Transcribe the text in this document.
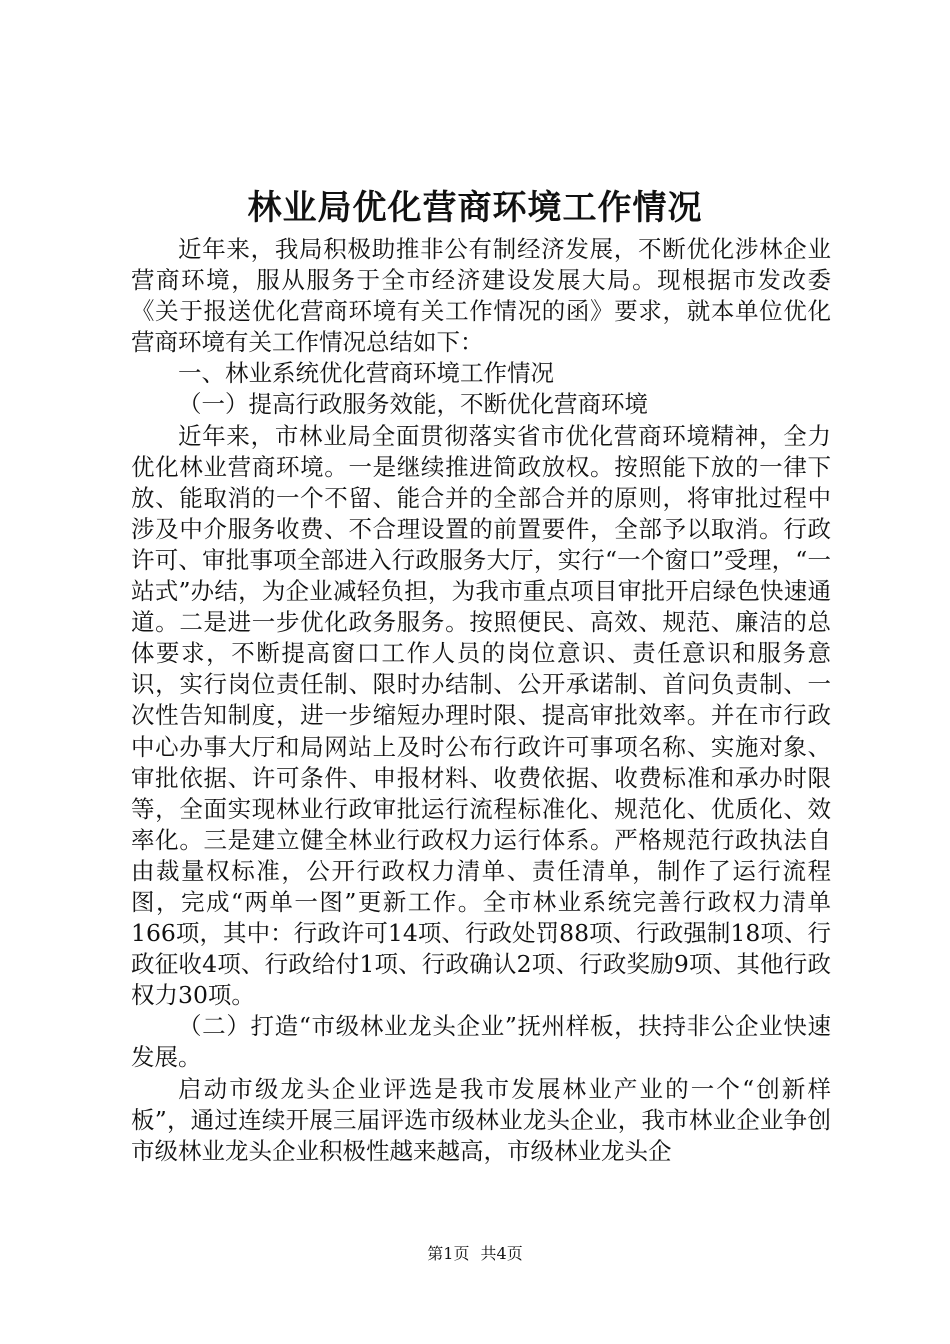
林业局优化营商环境工作情况

近年来，我局积极助推非公有制经济发展，不断优化涉林企业营商环境，服从服务于全市经济建设发展大局。现根据市发改委《关于报送优化营商环境有关工作情况的函》要求，就本单位优化营商环境有关工作情况总结如下：

一、林业系统优化营商环境工作情况

（一）提高行政服务效能，不断优化营商环境

近年来，市林业局全面贯彻落实省市优化营商环境精神，全力优化林业营商环境。一是继续推进简政放权。按照能下放的一律下放、能取消的一个不留、能合并的全部合并的原则，将审批过程中涉及中介服务收费、不合理设置的前置要件，全部予以取消。行政许可、审批事项全部进入行政服务大厅，实行“一个窗口”受理，“一站式”办结，为企业减轻负担，为我市重点项目审批开启绿色快速通道。二是进一步优化政务服务。按照便民、高效、规范、廉洁的总体要求，不断提高窗口工作人员的岗位意识、责任意识和服务意识，实行岗位责任制、限时办结制、公开承诺制、首问负责制、一次性告知制度，进一步缩短办理时限、提高审批效率。并在市行政中心办事大厅和局网站上及时公布行政许可事项名称、实施对象、审批依据、许可条件、申报材料、收费依据、收费标准和承办时限等，全面实现林业行政审批运行流程标准化、规范化、优质化、效率化。三是建立健全林业行政权力运行体系。严格规范行政执法自由裁量权标准，公开行政权力清单、责任清单，制作了运行流程图，完成“两单一图”更新工作。全市林业系统完善行政权力清单166项，其中：行政许可14项、行政处罚88项、行政强制18项、行政征收4项、行政给付1项、行政确认2项、行政奖励9项、其他行政权力30项。

（二）打造“市级林业龙头企业”抚州样板，扶持非公企业快速发展。

启动市级龙头企业评选是我市发展林业产业的一个“创新样板”，通过连续开展三届评选市级林业龙头企业，我市林业企业争创市级林业龙头企业积极性越来越高，市级林业龙头企

第1页 共4页
